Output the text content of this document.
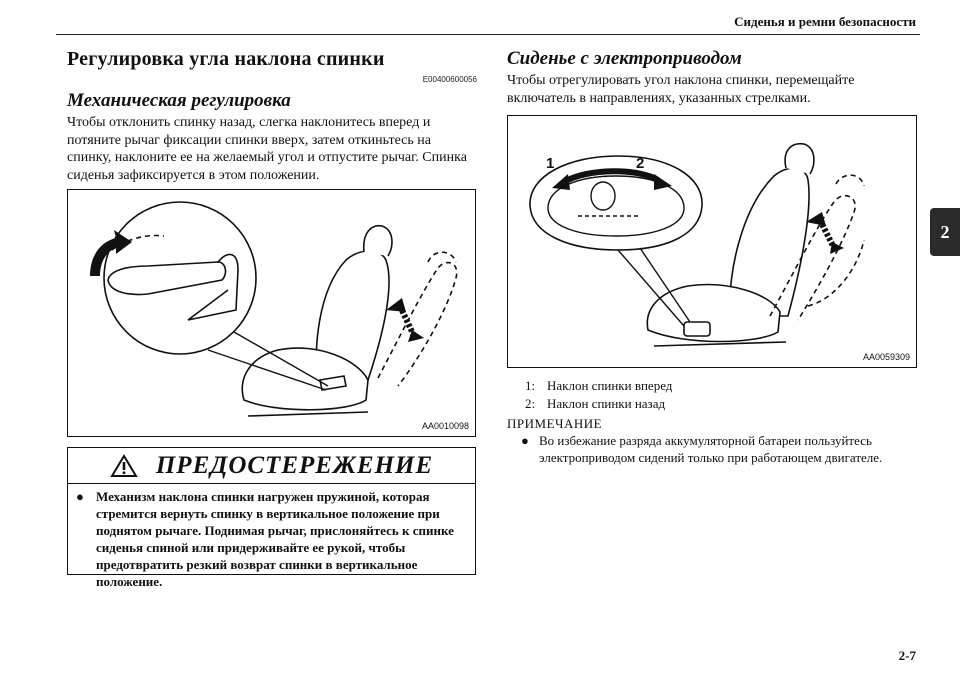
Сиденья и ремни безопасности
2
Регулировка угла наклона спинки
E00400600056
Механическая регулировка
Чтобы отклонить спинку назад, слегка наклонитесь вперед и потяните рычаг фиксации спинки вверх, затем откиньтесь на спинку, наклоните ее на желаемый угол и отпустите рычаг. Спинка сиденья зафиксируется в этом положении.
AA0010098
ПРЕДОСТЕРЕЖЕНИЕ
● Механизм наклона спинки нагружен пружиной, которая стремится вернуть спинку в вертикальное положение при поднятом рычаге. Поднимая рычаг, прислоняйтесь к спинке сиденья спиной или придерживайте ее рукой, чтобы предотвратить резкий возврат спинки в вертикальное положение.
Сиденье с электроприводом
Чтобы отрегулировать угол наклона спинки, перемещайте включатель в направлениях, указанных стрелками.
1	2
AA0059309
1: Наклон спинки вперед
2: Наклон спинки назад
ПРИМЕЧАНИЕ
● Во избежание разряда аккумуляторной батареи пользуйтесь электроприводом сидений только при работающем двигателе.
2-7
